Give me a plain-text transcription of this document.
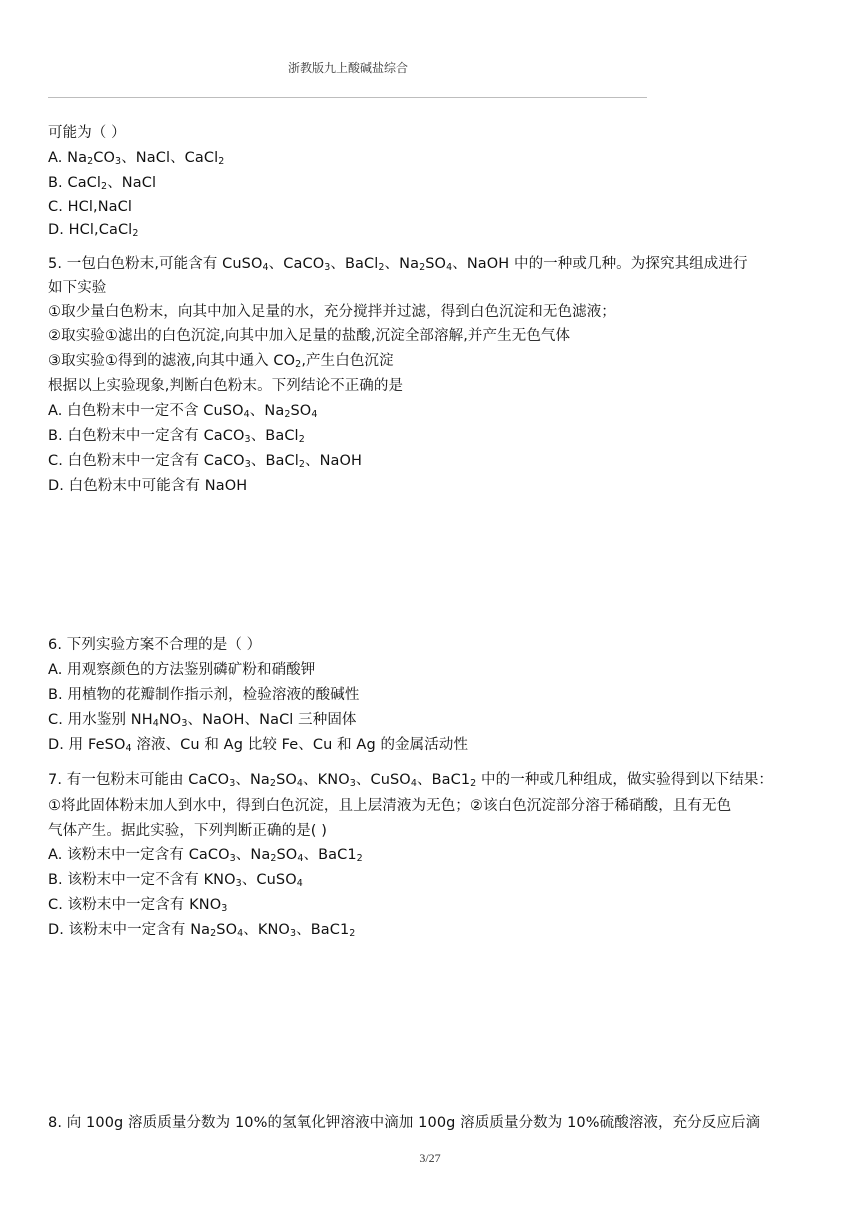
浙教版九上酸碱盐综合
可能为（ ）
A. $Na_2CO_3$、NaCl、CaCl$_2$
B. CaCl$_2$、NaCl
C. HCl,NaCl
D. HCl,CaCl$_2$
5. 一包白色粉末,可能含有 CuSO$_4$、CaCO$_3$、BaCl$_2$、$Na_2SO_4$、NaOH 中的一种或几种。为探究其组成进行
如下实验
①取少量白色粉末，向其中加入足量的水，充分搅拌并过滤，得到白色沉淀和无色滤液；
②取实验①滤出的白色沉淀,向其中加入足量的盐酸,沉淀全部溶解,并产生无色气体
③取实验①得到的滤液,向其中通入 $CO_2$,产生白色沉淀
根据以上实验现象,判断白色粉末。下列结论不正确的是
A. 白色粉末中一定不含 CuSO$_4$、$Na_2SO_4$
B. 白色粉末中一定含有 CaCO$_3$、BaCl$_2$
C. 白色粉末中一定含有 CaCO$_3$、BaCl$_2$、NaOH
D. 白色粉末中可能含有 NaOH
6. 下列实验方案不合理的是（ ）
A. 用观察颜色的方法鉴别磷矿粉和硝酸钾
B. 用植物的花瓣制作指示剂，检验溶液的酸碱性
C. 用水鉴别 $NH_4NO_3$、NaOH、NaCl 三种固体
D. 用 FeSO$_4$ 溶液、Cu 和 Ag 比较 Fe、Cu 和 Ag 的金属活动性
7. 有一包粉末可能由 CaCO$_3$、$Na_2SO_4$、$KNO_3$、CuSO$_4$、$BaC1_2$ 中的一种或几种组成，做实验得到以下结果：
①将此固体粉末加人到水中，得到白色沉淀，且上层清液为无色；②该白色沉淀部分溶于稀硝酸，且有无色
气体产生。据此实验，下列判断正确的是( )
A. 该粉末中一定含有 CaCO$_3$、$Na_2SO_4$、$BaC1_2$
B. 该粉末中一定不含有 $KNO_3$、CuSO$_4$
C. 该粉末中一定含有 $KNO_3$
D. 该粉末中一定含有 $Na_2SO_4$、$KNO_3$、$BaC1_2$
8. 向 100g 溶质质量分数为 10%的氢氧化钾溶液中滴加 100g 溶质质量分数为 10%硫酸溶液，充分反应后滴
3/27
